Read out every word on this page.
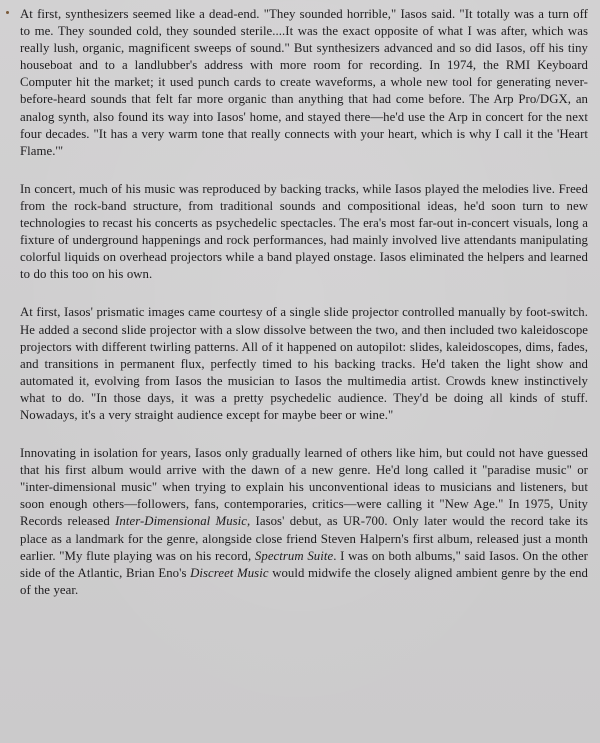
At first, synthesizers seemed like a dead-end. "They sounded horrible," Iasos said. "It totally was a turn off to me. They sounded cold, they sounded sterile....It was the exact opposite of what I was after, which was really lush, organic, magnificent sweeps of sound." But synthesizers advanced and so did Iasos, off his tiny houseboat and to a landlubber's address with more room for recording. In 1974, the RMI Keyboard Computer hit the market; it used punch cards to create waveforms, a whole new tool for generating never-before-heard sounds that felt far more organic than anything that had come before. The Arp Pro/DGX, an analog synth, also found its way into Iasos' home, and stayed there—he'd use the Arp in concert for the next four decades. "It has a very warm tone that really connects with your heart, which is why I call it the 'Heart Flame.'"

In concert, much of his music was reproduced by backing tracks, while Iasos played the melodies live. Freed from the rock-band structure, from traditional sounds and compositional ideas, he'd soon turn to new technologies to recast his concerts as psychedelic spectacles. The era's most far-out in-concert visuals, long a fixture of underground happenings and rock performances, had mainly involved live attendants manipulating colorful liquids on overhead projectors while a band played onstage. Iasos eliminated the helpers and learned to do this too on his own.

At first, Iasos' prismatic images came courtesy of a single slide projector controlled manually by foot-switch. He added a second slide projector with a slow dissolve between the two, and then included two kaleidoscope projectors with different twirling patterns. All of it happened on autopilot: slides, kaleidoscopes, dims, fades, and transitions in permanent flux, perfectly timed to his backing tracks. He'd taken the light show and automated it, evolving from Iasos the musician to Iasos the multimedia artist. Crowds knew instinctively what to do. "In those days, it was a pretty psychedelic audience. They'd be doing all kinds of stuff. Nowadays, it's a very straight audience except for maybe beer or wine."

Innovating in isolation for years, Iasos only gradually learned of others like him, but could not have guessed that his first album would arrive with the dawn of a new genre. He'd long called it "paradise music" or "inter-dimensional music" when trying to explain his unconventional ideas to musicians and listeners, but soon enough others—followers, fans, contemporaries, critics—were calling it "New Age." In 1975, Unity Records released Inter-Dimensional Music, Iasos' debut, as UR-700. Only later would the record take its place as a landmark for the genre, alongside close friend Steven Halpern's first album, released just a month earlier. "My flute playing was on his record, Spectrum Suite. I was on both albums," said Iasos. On the other side of the Atlantic, Brian Eno's Discreet Music would midwife the closely aligned ambient genre by the end of the year.
